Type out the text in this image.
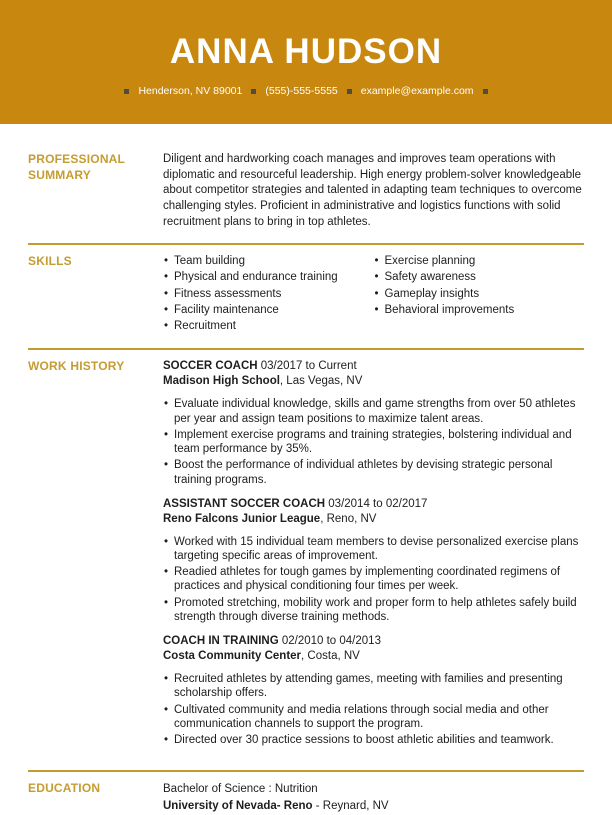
ANNA HUDSON
Henderson, NV 89001 (555)-555-5555 example@example.com
PROFESSIONAL SUMMARY

Diligent and hardworking coach manages and improves team operations with diplomatic and resourceful leadership. High energy problem-solver knowledgeable about competitor strategies and talented in adapting team techniques to overcome challenging styles. Proficient in administrative and logistics functions with solid recruitment plans to bring in top athletes.

SKILLS	• Team building
• Physical and endurance training
• Fitness assessments
• Facility maintenance
• Recruitment
• Exercise planning
• Safety awareness
• Gameplay insights
• Behavioral improvements
WORK HISTORY	SOCCER COACH 03/2017 to Current
Madison High School, Las Vegas, NV
• Evaluate individual knowledge, skills and game strengths from over 50 athletes per year and assign team positions to maximize talent areas.
• Implement exercise programs and training strategies, bolstering individual and team performance by 35%.
• Boost the performance of individual athletes by devising strategic personal training programs.
ASSISTANT SOCCER COACH 03/2014 to 02/2017
Reno Falcons Junior League, Reno, NV
• Worked with 15 individual team members to devise personalized exercise plans targeting specific areas of improvement.
• Readied athletes for tough games by implementing coordinated regimens of practices and physical conditioning four times per week.
• Promoted stretching, mobility work and proper form to help athletes safely build strength through diverse training methods.
COACH IN TRAINING 02/2010 to 04/2013
Costa Community Center, Costa, NV
• Recruited athletes by attending games, meeting with families and presenting scholarship offers.
• Cultivated community and media relations through social media and other communication channels to support the program.
• Directed over 30 practice sessions to boost athletic abilities and teamwork.
EDUCATION	Bachelor of Science : Nutrition
University of Nevada- Reno - Reynard, NV
